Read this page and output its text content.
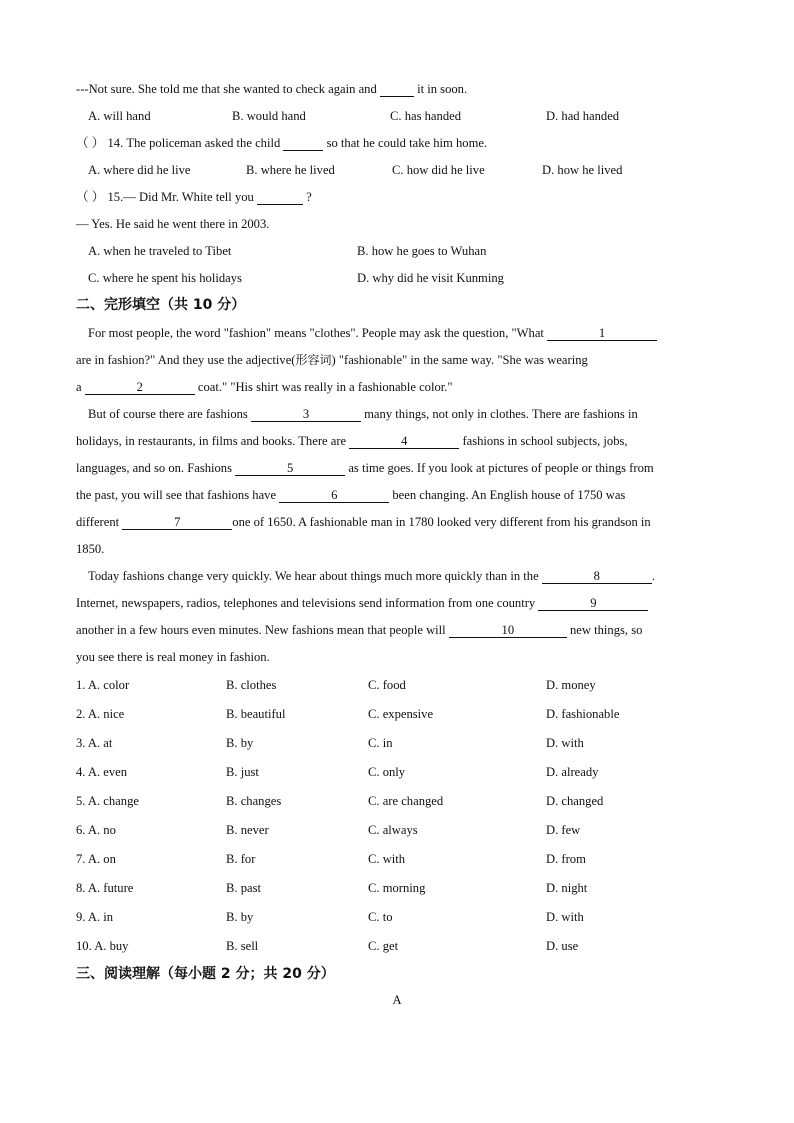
---Not sure. She told me that she wanted to check again and	it in soon.
A. will hand	B. would hand	C. has handed	D. had handed
（ ） 14. The policeman asked the child	so that he could take him home.
A. where did he live	B. where he lived	C. how did he live	D. how he lived
（ ） 15.— Did Mr. White tell you	?
— Yes. He said he went there in 2003.
A. when he traveled to Tibet	B. how he goes to Wuhan
C. where he spent his holidays	D. why did he visit Kunming
二、完形填空（共 10 分）
For most people, the word "fashion" means "clothes". People may ask the question, "What	1
are in fashion?" And they use the adjective(形容词) "fashionable" in the same way. "She was wearing
a	2	coat." "His shirt was really in a fashionable color."
But of course there are fashions	3	many things, not only in clothes. There are fashions in
holidays, in restaurants, in films and books. There are	4	fashions in school subjects, jobs,
languages, and so on. Fashions	5	as time goes. If you look at pictures of people or things from
the past, you will see that fashions have	6	been changing. An English house of 1750 was
different	7	one of 1650. A fashionable man in 1780 looked very different from his grandson in
1850.
Today fashions change very quickly. We hear about things much more quickly than in the	8	.
Internet, newspapers, radios, telephones and televisions send information from one country	9
another in a few hours even minutes. New fashions mean that people will	10	new things, so
you see there is real money in fashion.
1. A. color	B. clothes	C. food	D. money
2. A. nice	B. beautiful	C. expensive	D. fashionable
3. A. at	B. by	C. in	D. with
4. A. even	B. just	C. only	D. already
5. A. change	B. changes	C. are changed	D. changed
6. A. no	B. never	C. always	D. few
7. A. on	B. for	C. with	D. from
8. A. future	B. past	C. morning	D. night
9. A. in	B. by	C. to	D. with
10. A. buy	B. sell	C. get	D. use
三、阅读理解（每小题 2 分；共 20 分）
A
